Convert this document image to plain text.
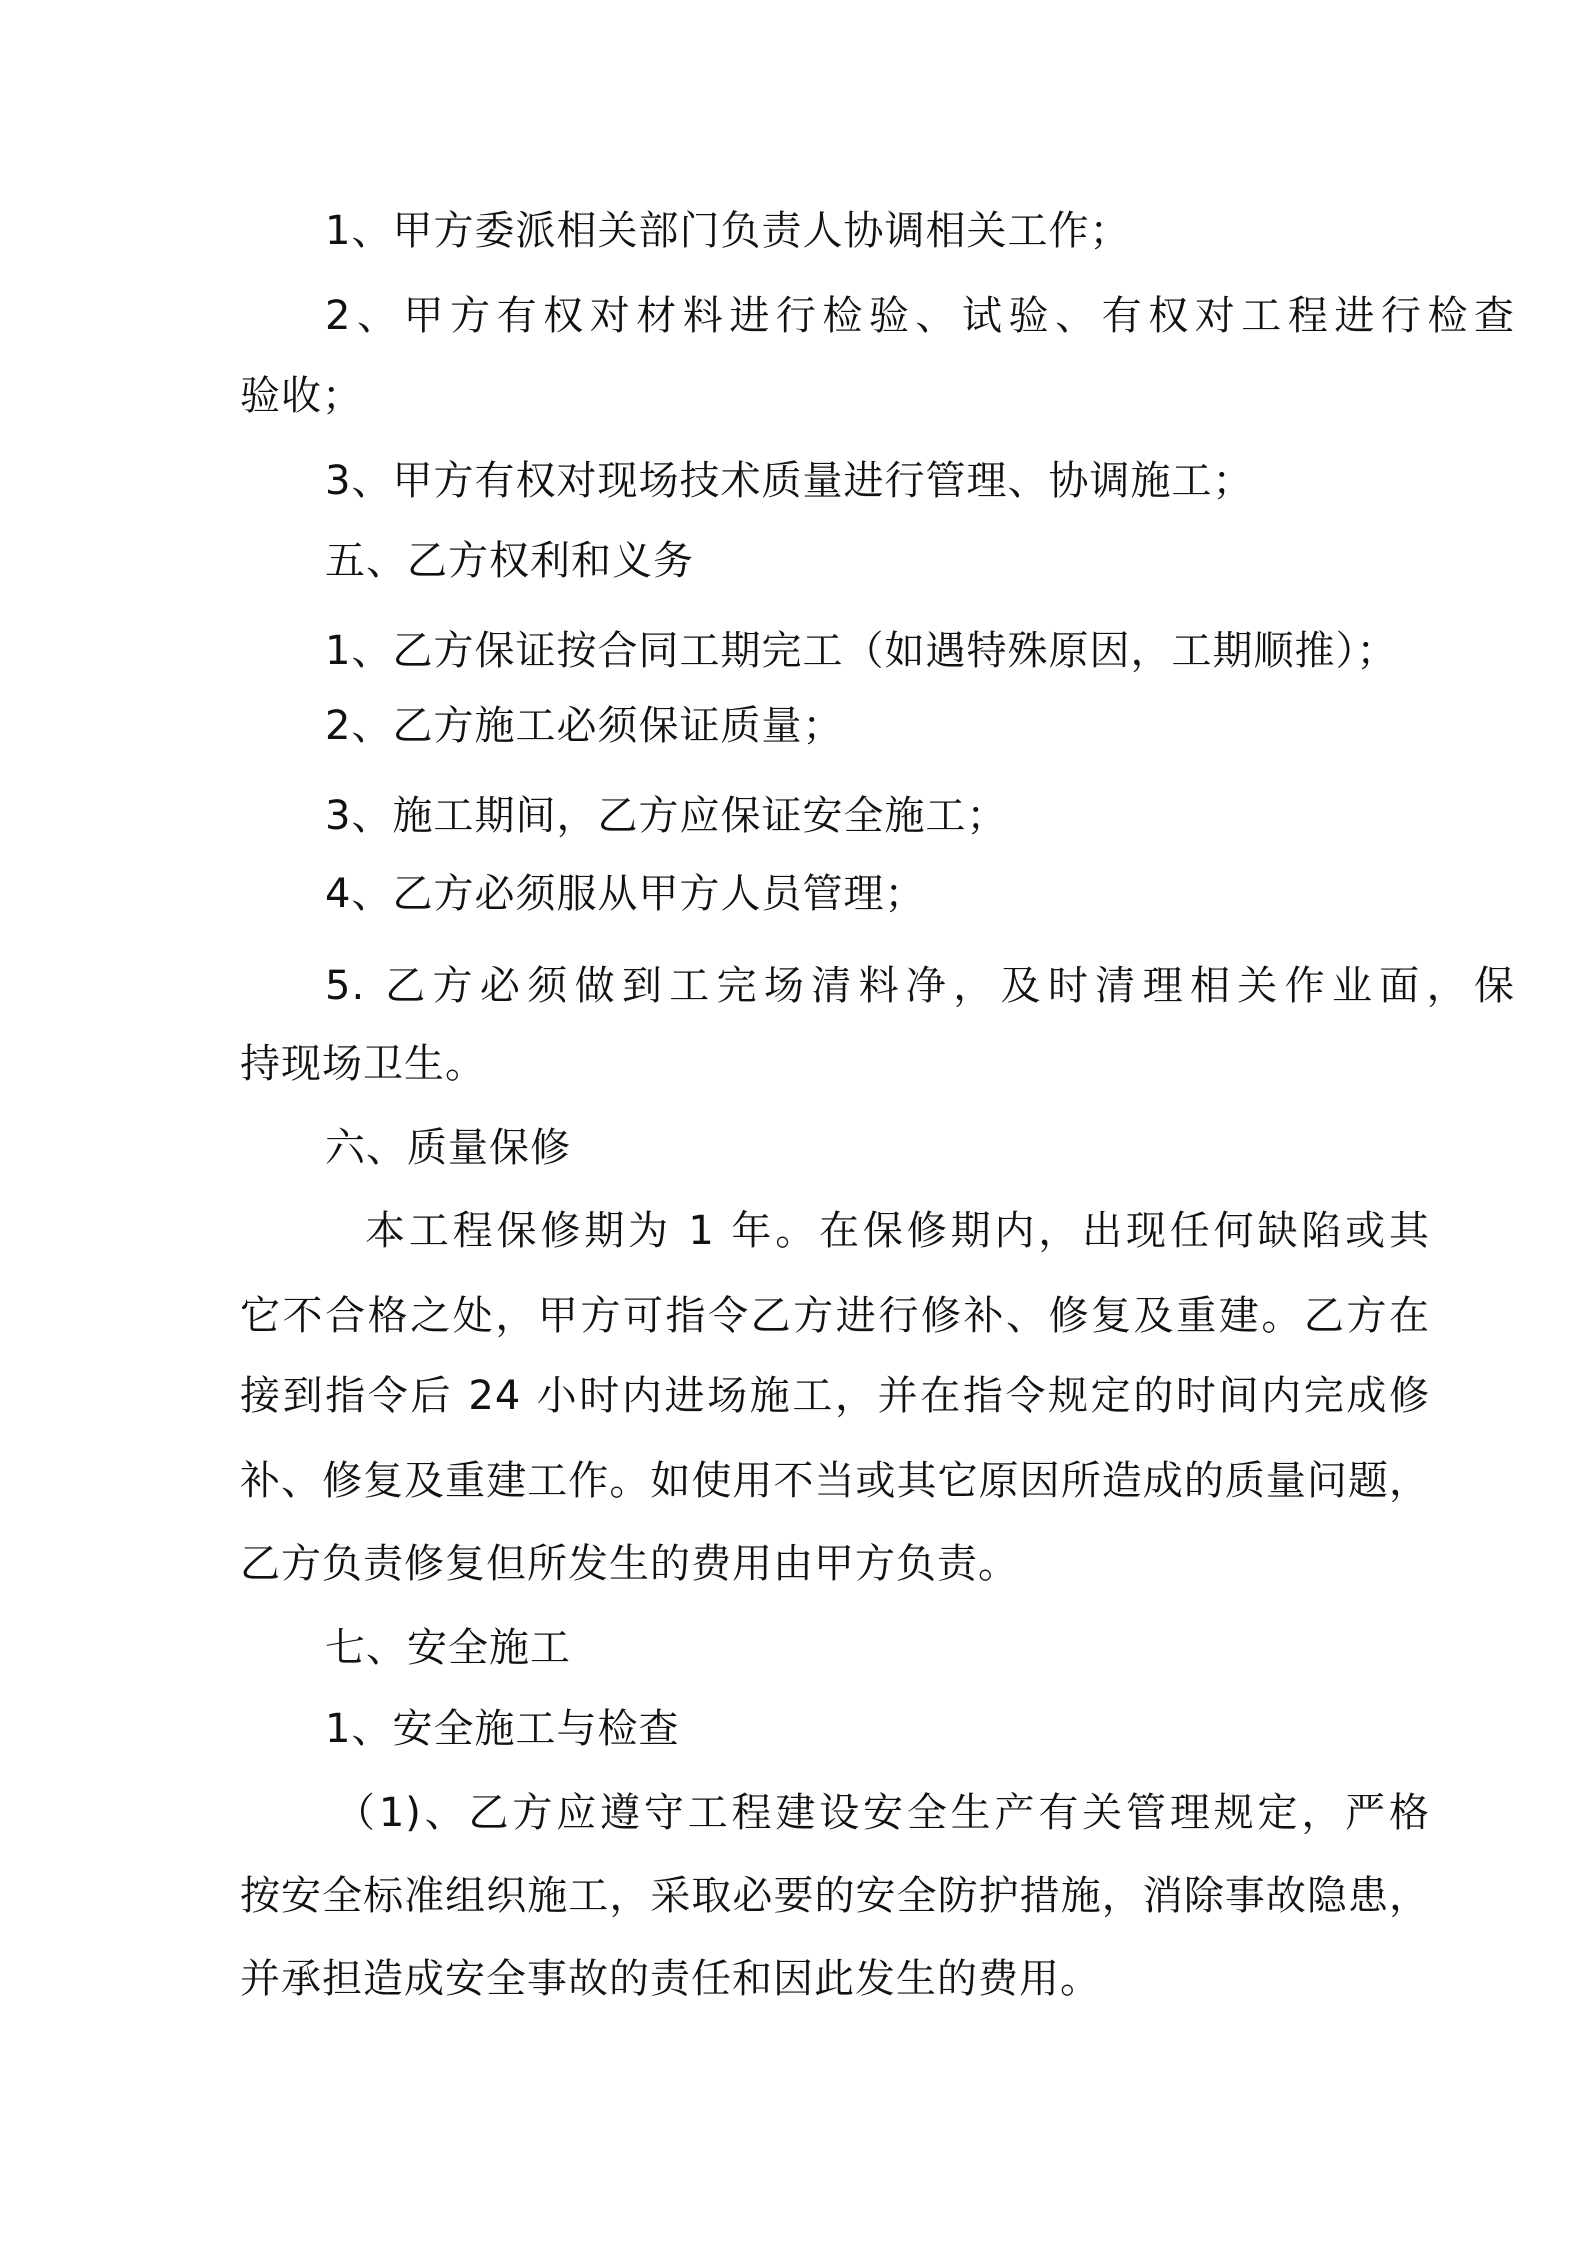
1、甲方委派相关部门负责人协调相关工作；
2、甲方有权对材料进行检验、试验、有权对工程进行检查
验收；
3、甲方有权对现场技术质量进行管理、协调施工；
五、乙方权利和义务
1、乙方保证按合同工期完工（如遇特殊原因，工期顺推）；
2、乙方施工必须保证质量；
3、施工期间，乙方应保证安全施工；
4、乙方必须服从甲方人员管理；
5. 乙方必须做到工完场清料净，及时清理相关作业面，保
持现场卫生。
六、质量保修
本工程保修期为 1 年。在保修期内，出现任何缺陷或其
它不合格之处，甲方可指令乙方进行修补、修复及重建。乙方在
接到指令后 24 小时内进场施工，并在指令规定的时间内完成修
补、修复及重建工作。如使用不当或其它原因所造成的质量问题，
乙方负责修复但所发生的费用由甲方负责。
七、安全施工
1、安全施工与检查
（1)、乙方应遵守工程建设安全生产有关管理规定，严格
按安全标准组织施工，采取必要的安全防护措施，消除事故隐患，
并承担造成安全事故的责任和因此发生的费用。
